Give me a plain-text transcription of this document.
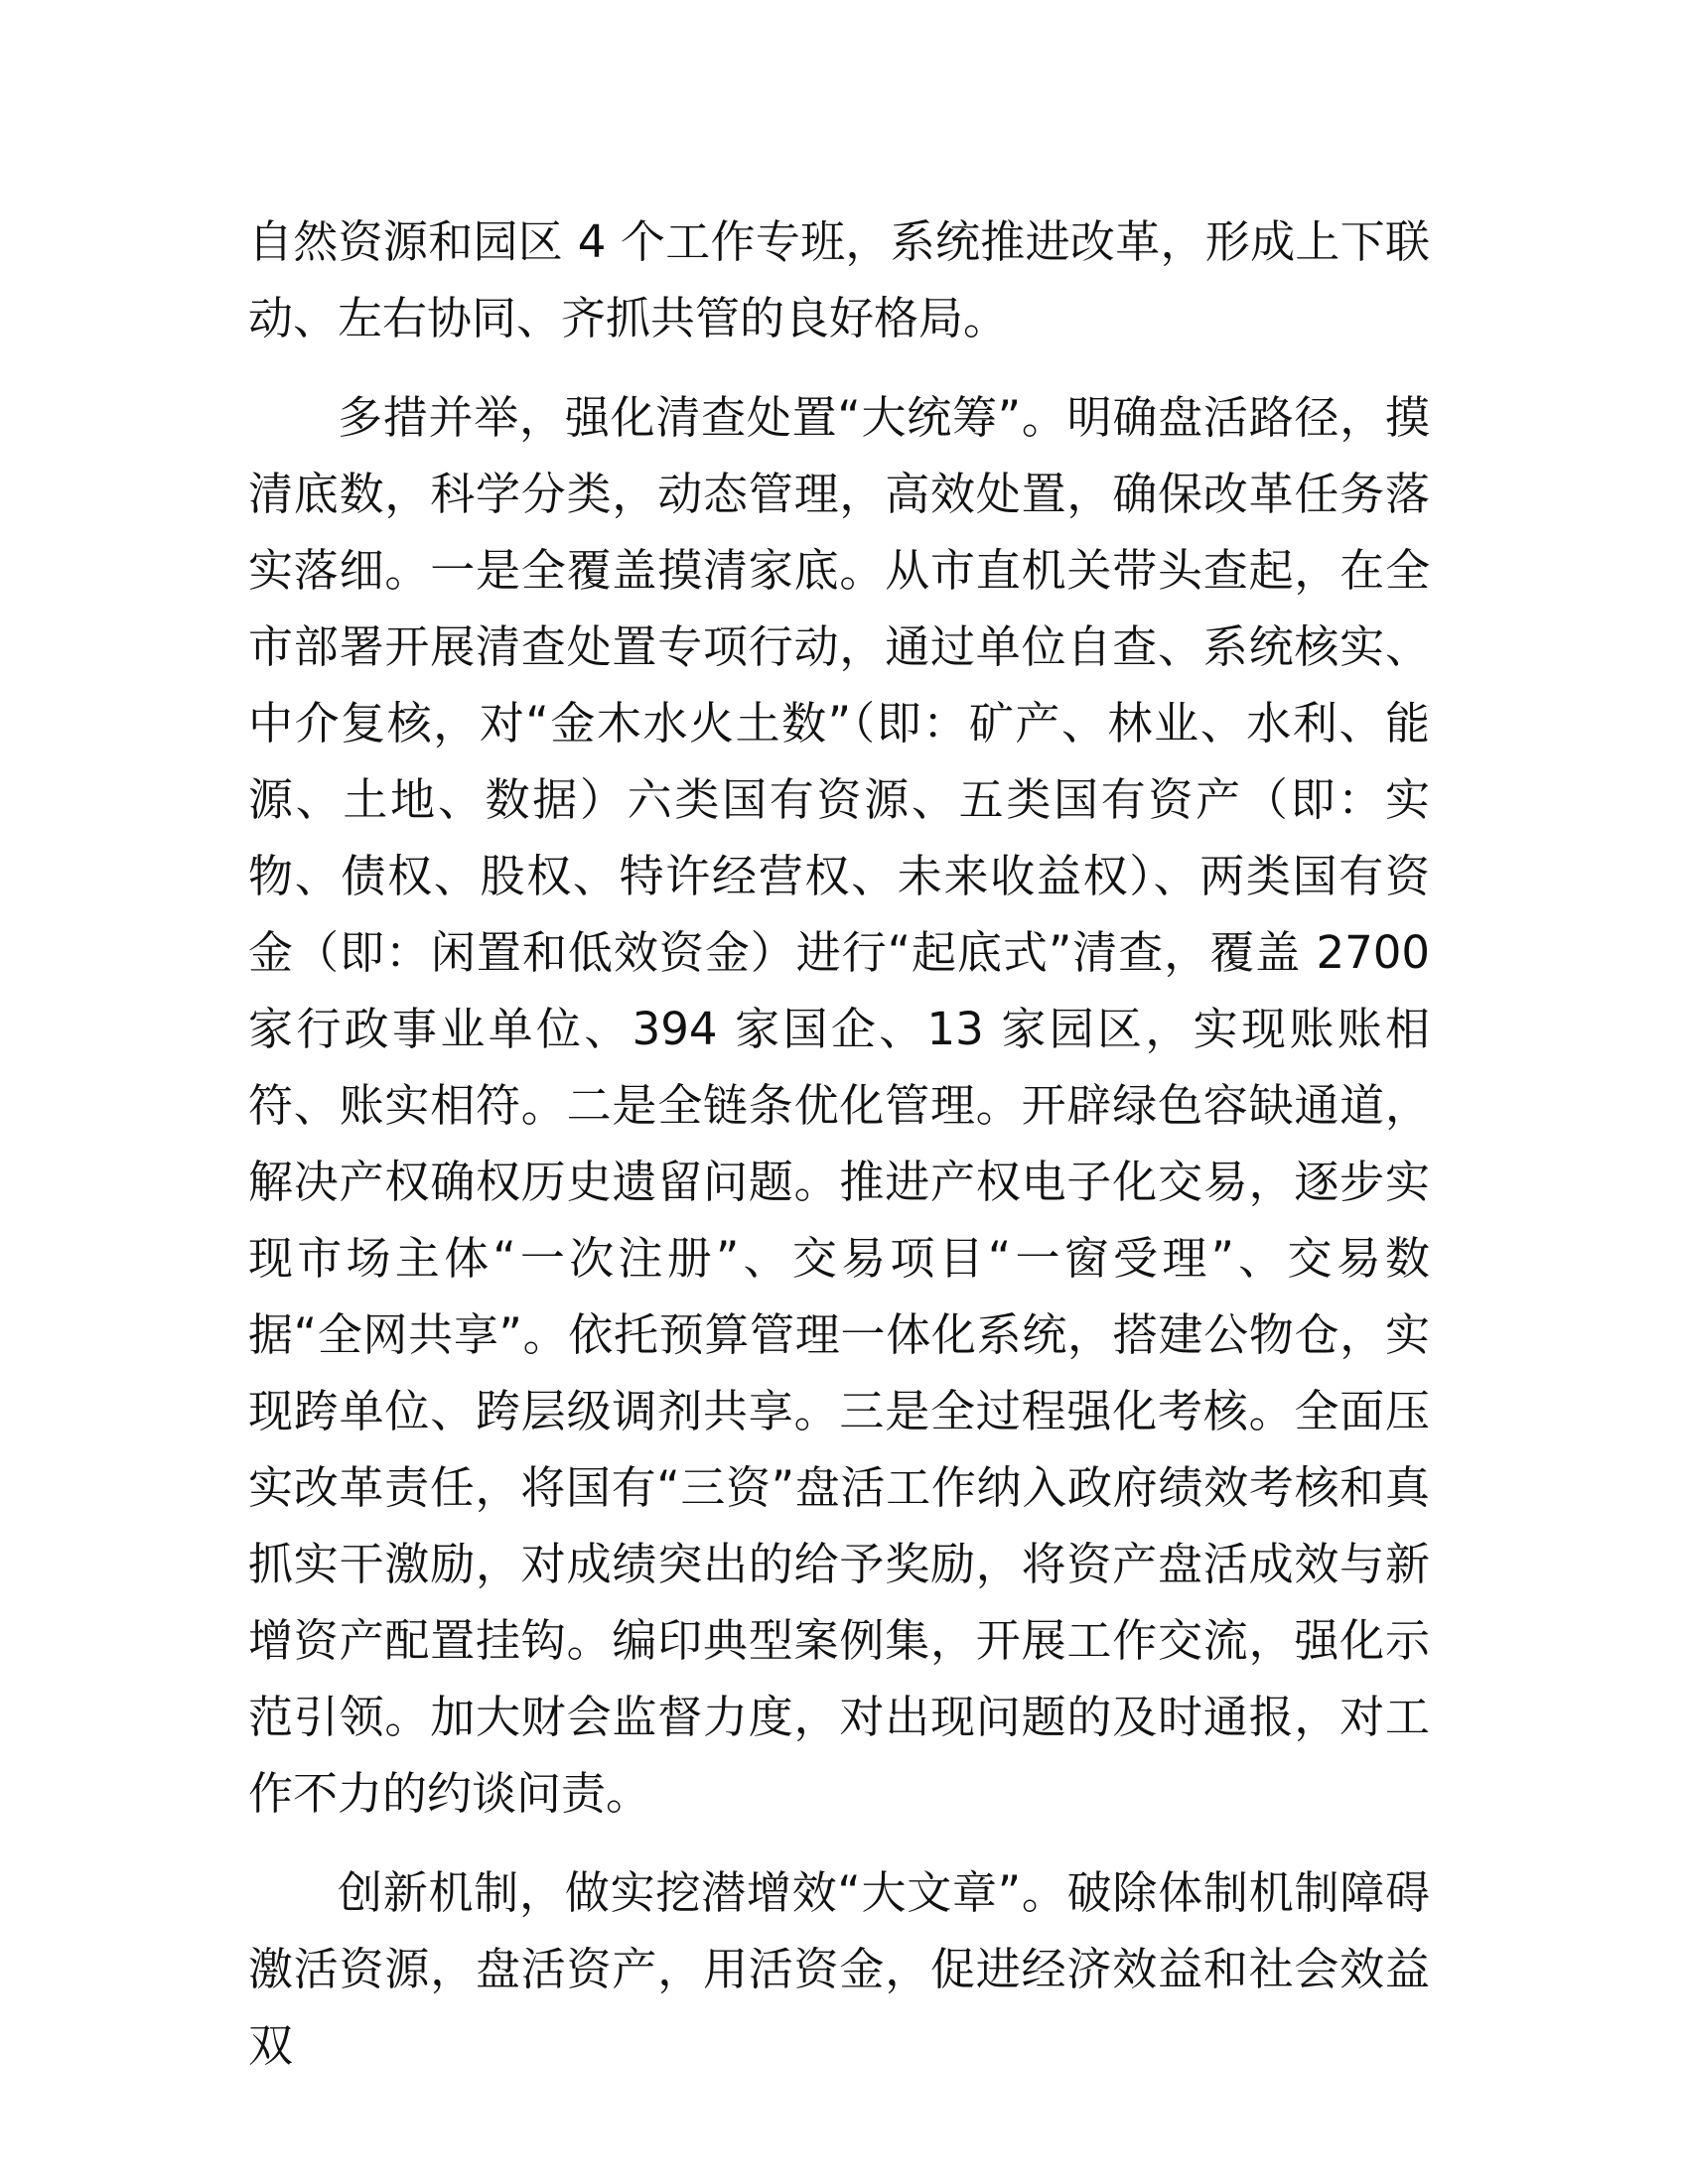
自然资源和园区 4 个工作专班，系统推进改革，形成上下联动、左右协同、齐抓共管的良好格局。

多措并举，强化清查处置“大统筹”。明确盘活路径，摸清底数，科学分类，动态管理，高效处置，确保改革任务落实落细。一是全覆盖摸清家底。从市直机关带头查起，在全市部署开展清查处置专项行动，通过单位自查、系统核实、中介复核，对“金木水火土数”（即：矿产、林业、水利、能源、土地、数据）六类国有资源、五类国有资产（即：实物、债权、股权、特许经营权、未来收益权）、两类国有资金（即：闲置和低效资金）进行“起底式”清查，覆盖 2700 家行政事业单位、394 家国企、13 家园区，实现账账相符、账实相符。二是全链条优化管理。开辟绿色容缺通道，解决产权确权历史遗留问题。推进产权电子化交易，逐步实现市场主体“一次注册”、交易项目“一窗受理”、交易数据“全网共享”。依托预算管理一体化系统，搭建公物仓，实现跨单位、跨层级调剂共享。三是全过程强化考核。全面压实改革责任，将国有“三资”盘活工作纳入政府绩效考核和真抓实干激励，对成绩突出的给予奖励，将资产盘活成效与新增资产配置挂钩。编印典型案例集，开展工作交流，强化示范引领。加大财会监督力度，对出现问题的及时通报，对工作不力的约谈问责。

创新机制，做实挖潜增效“大文章”。破除体制机制障碍激活资源，盘活资产，用活资金，促进经济效益和社会效益双
